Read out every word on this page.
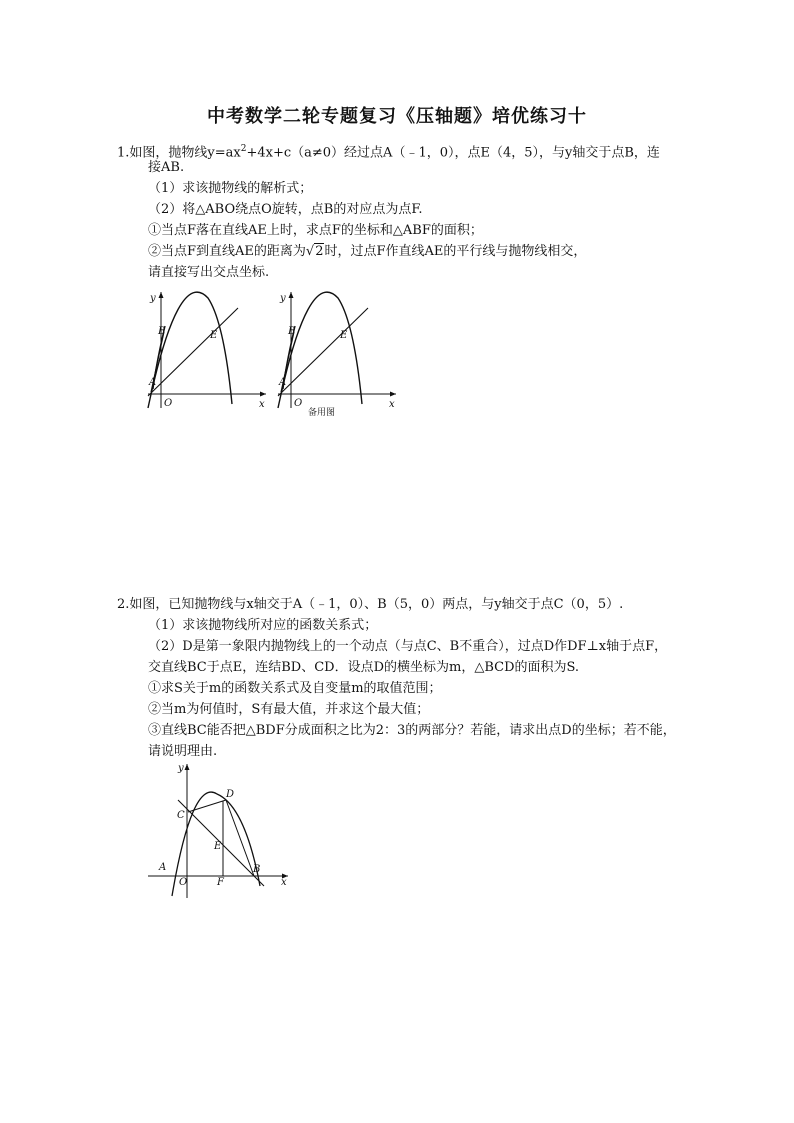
中考数学二轮专题复习《压轴题》培优练习十
1.如图，抛物线$y=ax^2+4x+c(a\ne 0)$经过点A（﹣1，0），点E（4，5），与y轴交于点B，连
接AB.
（1）求该抛物线的解析式；
（2）将△ABO绕点O旋转，点B的对应点为点F.
①当点F落在直线AE上时，求点F的坐标和△ABF的面积；
②当点F到直线AE的距离为√2时，过点F作直线AE的平行线与抛物线相交，
请直接写出交点坐标.
y
x
B	E
A
O
y
x
B	E
A
O
备用图
2.如图，已知抛物线与x轴交于A（﹣1，0）、B（5，0）两点，与y轴交于点C（0，5）.
（1）求该抛物线所对应的函数关系式；
（2）D是第一象限内抛物线上的一个动点（与点C、B不重合），过点D作DF⊥x轴于点F，
交直线BC于点E，连结BD、CD．设点D的横坐标为m，△BCD的面积为S.
①求S关于m的函数关系式及自变量m的取值范围；
②当m为何值时，S有最大值，并求这个最大值；
③直线BC能否把△BDF分成面积之比为2：3的两部分？若能，请求出点D的坐标；若不能，
请说明理由.
y
x
C
D
E
A
O	F
B
